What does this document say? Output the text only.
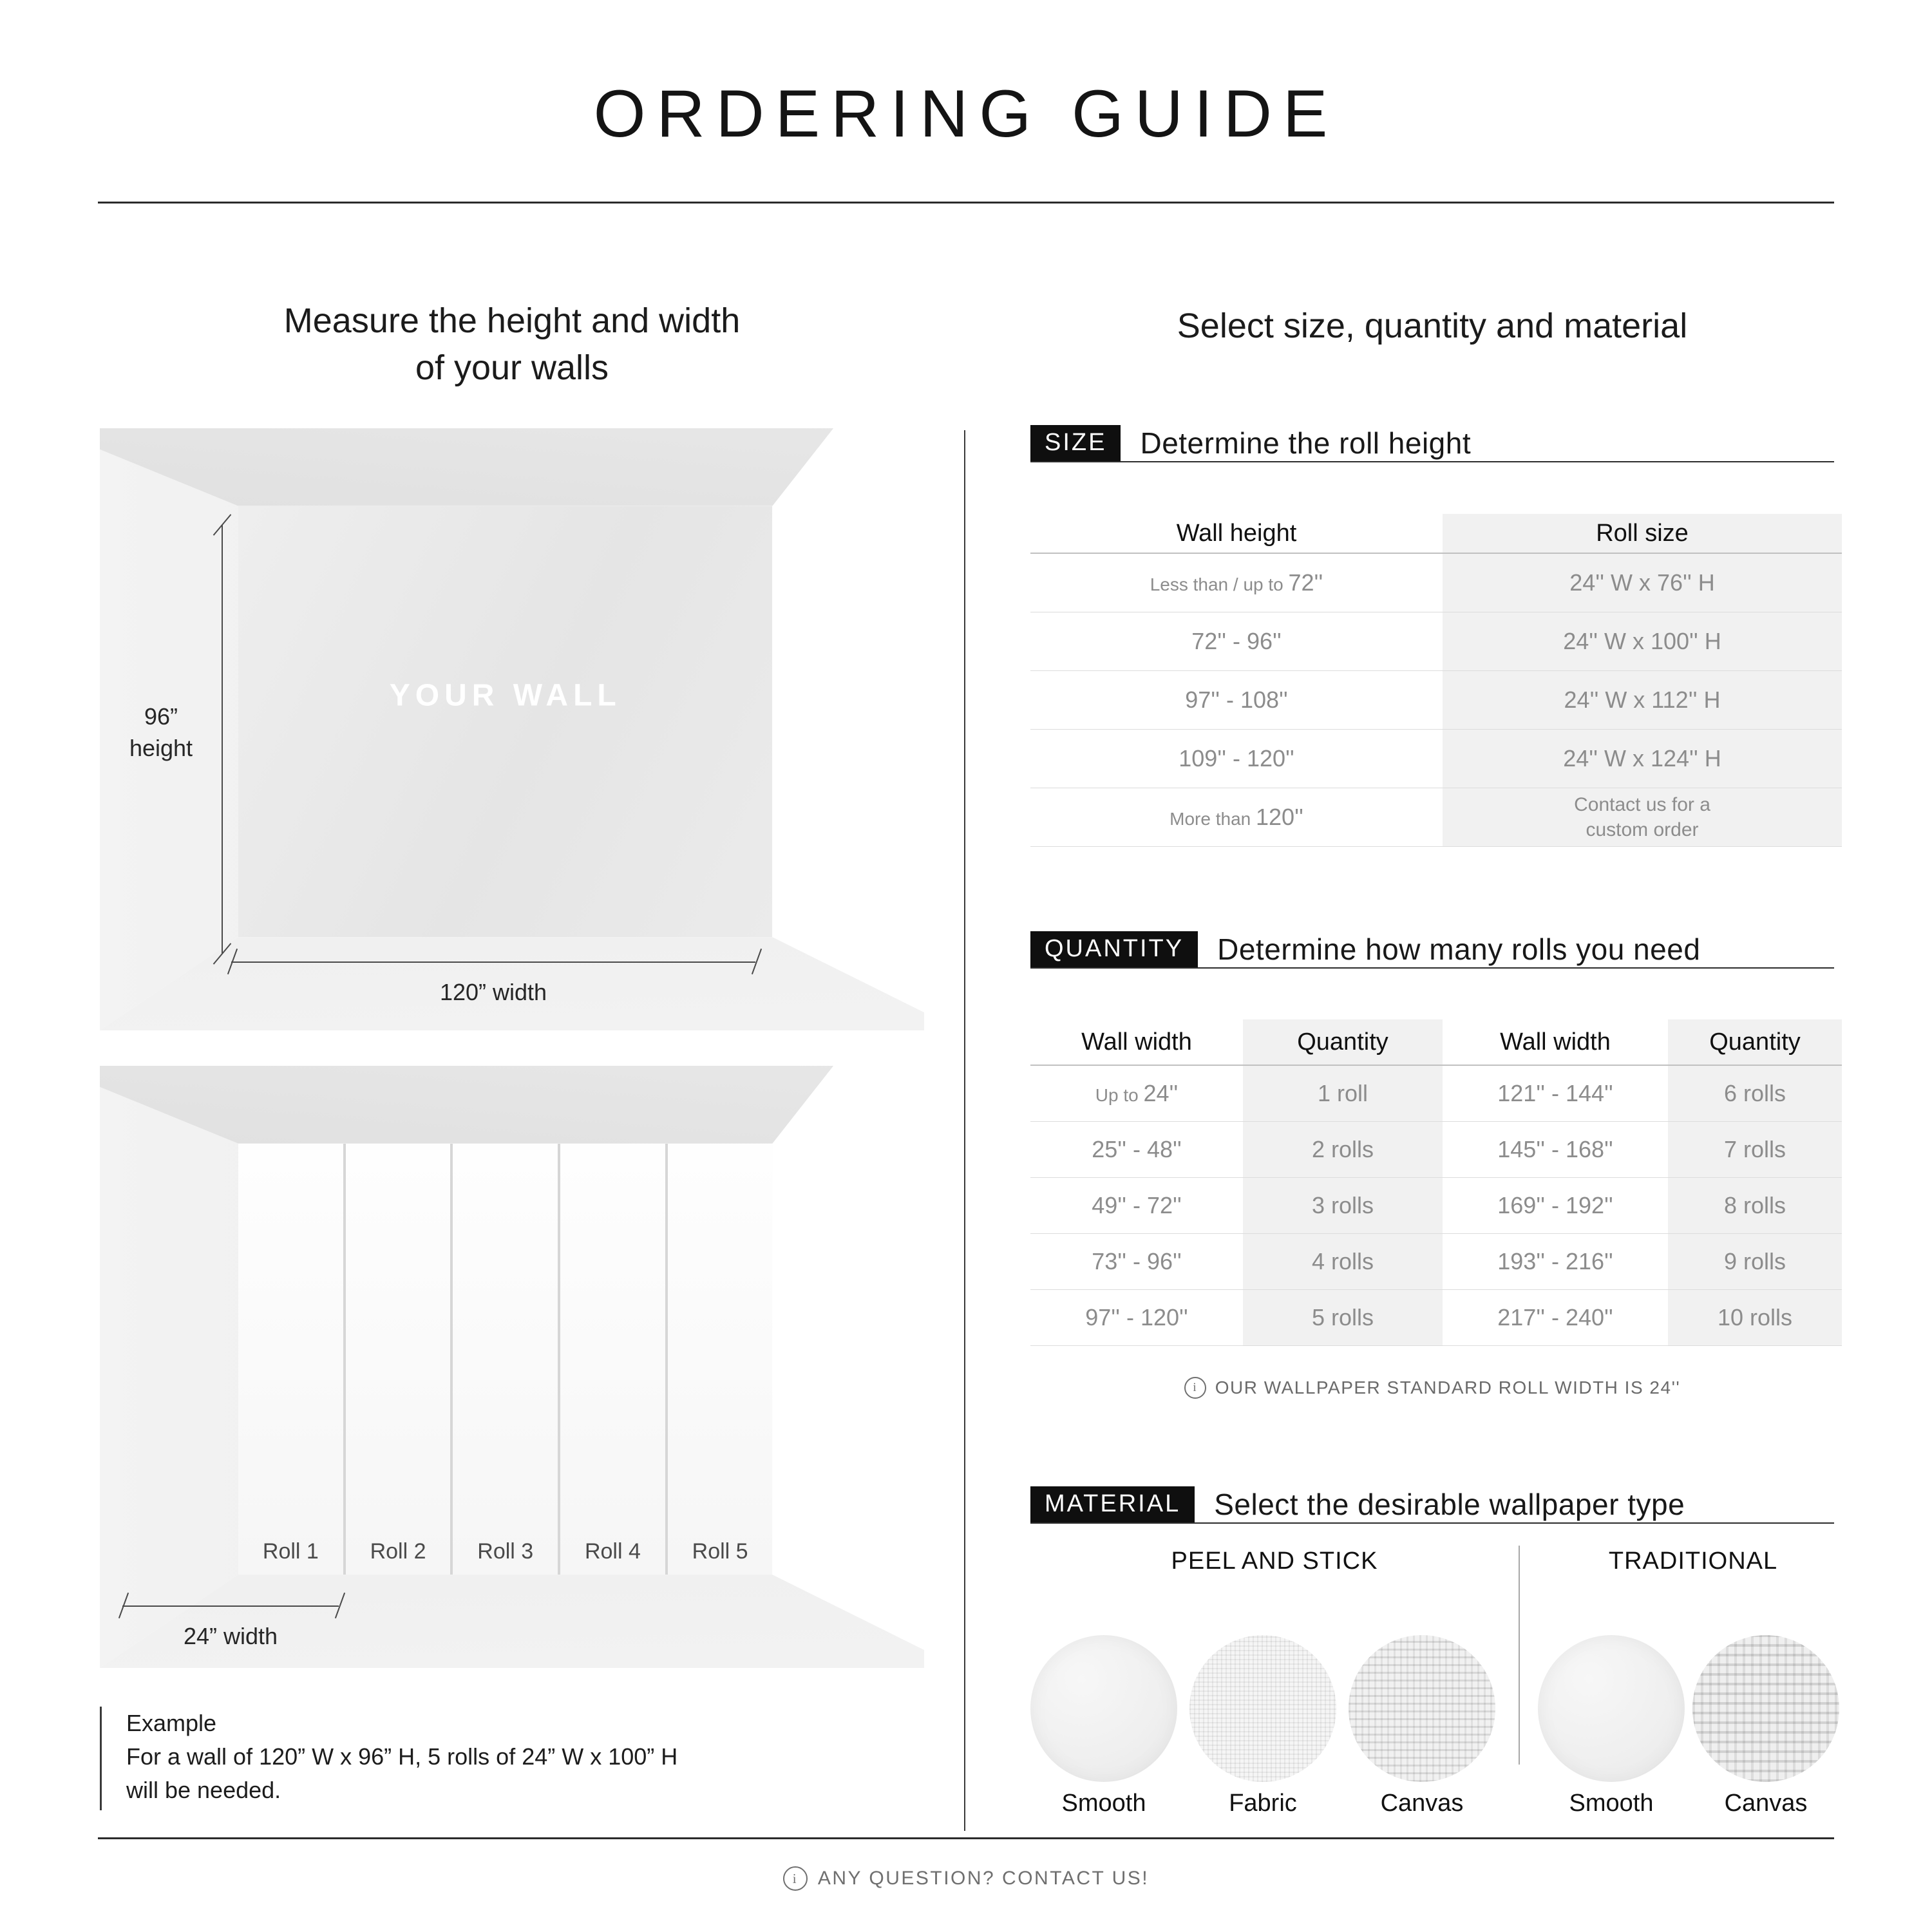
ORDERING GUIDE
Measure the height and width
of your walls
YOUR WALL
96”
height
120” width
Roll 1 Roll 2 Roll 3 Roll 4 Roll 5
24” width
Example
For a wall of 120” W x 96” H, 5 rolls of 24” W x 100” H
will be needed.
Select size, quantity and material
SIZE	Determine the roll height
Wall height	Roll size
Less than / up to 72''	24'' W x 76'' H
72'' - 96''	24'' W x 100'' H
97'' - 108''	24'' W x 112'' H
109'' - 120''	24'' W x 124'' H
More than 120''	Contact us for a
custom order
QUANTITY	Determine how many rolls you need
Wall width	Quantity	Wall width	Quantity
Up to 24''	1 roll	121'' - 144''	6 rolls
25'' - 48''	2 rolls	145'' - 168''	7 rolls
49'' - 72''	3 rolls	169'' - 192''	8 rolls
73'' - 96''	4 rolls	193'' - 216''	9 rolls
97'' - 120''	5 rolls	217'' - 240''	10 rolls
i OUR WALLPAPER STANDARD ROLL WIDTH IS 24''
MATERIAL	Select the desirable wallpaper type
PEEL AND STICK
Smooth	Fabric	Canvas
TRADITIONAL
Smooth	Canvas
i	ANY QUESTION? CONTACT US!
